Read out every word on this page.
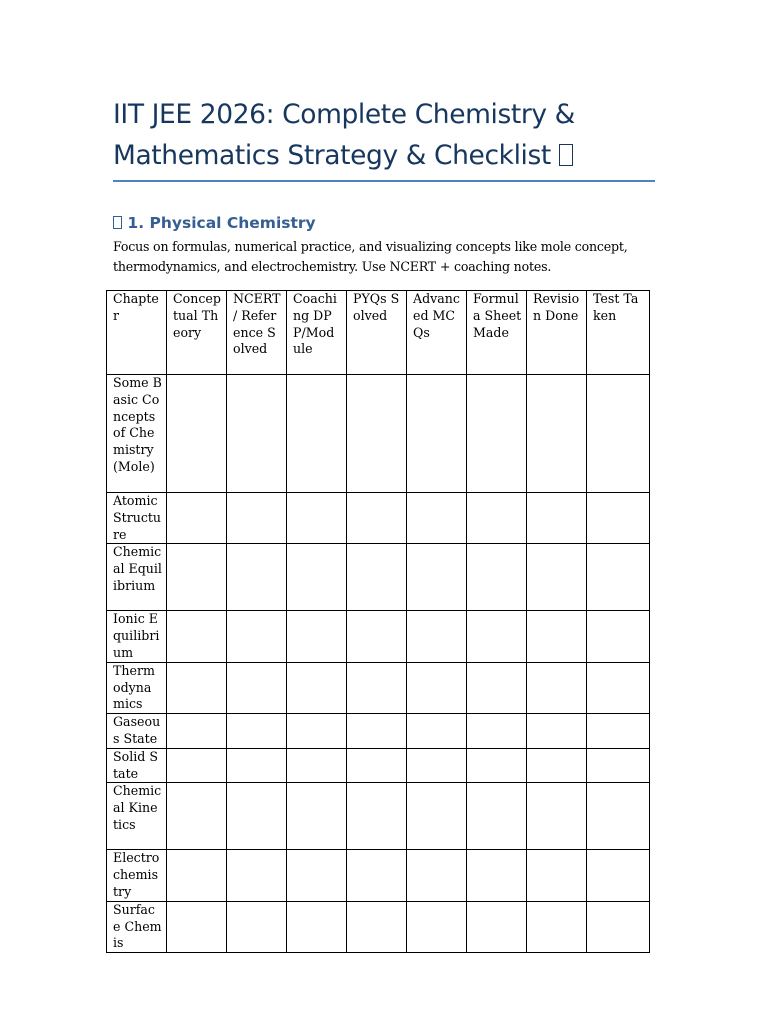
IIT JEE 2026: Complete Chemistry &
Mathematics Strategy & Checklist
1. Physical Chemistry

Focus on formulas, numerical practice, and visualizing concepts like mole concept, thermodynamics, and electrochemistry. Use NCERT + coaching notes.

Chapter	Conceptual Theory	NCERT / Reference Solved	Coaching DPP/Module	PYQs Solved	Advanced MCQs	Formula Sheet Made	Revision Done	Test Taken
Some Basic Concepts of Chemistry (Mole)								
Atomic Structure								
Chemical Equilibrium								
Ionic Equilibrium								
Thermodynamics								
Gaseous State								
Solid State								
Chemical Kinetics								
Electrochemistry								
Surface Chemis								
